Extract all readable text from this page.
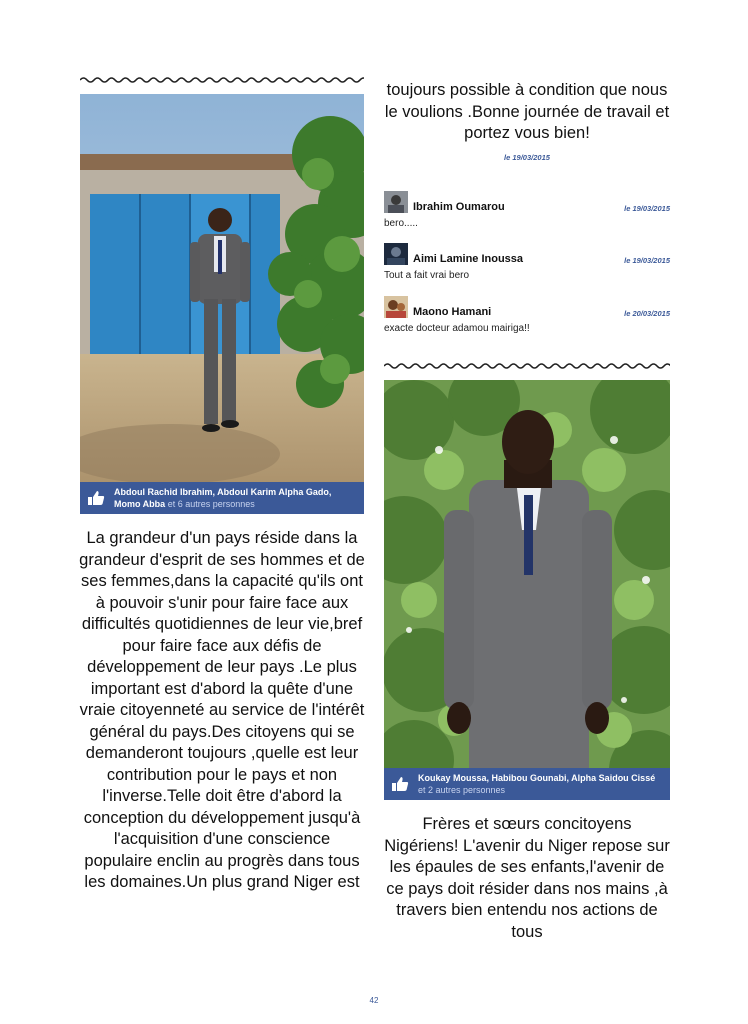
Abdoul Rachid Ibrahim, Abdoul Karim Alpha Gado, Momo Abba et 6 autres personnes

La grandeur d'un pays réside dans la grandeur d'esprit de ses hommes et de ses femmes,dans la capacité qu'ils ont à pouvoir s'unir pour faire face aux difficultés quotidiennes de leur vie,bref pour faire face aux défis de développement de leur pays .Le plus important est d'abord la quête d'une vraie citoyenneté au service de l'intérêt général du pays.Des citoyens qui se demanderont toujours ,quelle est leur contribution pour le pays et non l'inverse.Telle doit être d'abord la conception du développement jusqu'à l'acquisition d'une conscience populaire enclin au progrès dans tous les domaines.Un plus grand Niger est

toujours possible à condition que nous le voulions .Bonne journée de travail et portez vous bien!

le 19/03/2015
Ibrahim Oumarou	le 19/03/2015
bero.....
Aimi Lamine Inoussa	le 19/03/2015
Tout a fait vrai bero
Maono Hamani	le 20/03/2015
exacte docteur adamou mairiga!!
Koukay Moussa, Habibou Gounabi, Alpha Saidou Cissé et 2 autres personnes

Frères et sœurs concitoyens Nigériens! L'avenir du Niger repose sur les épaules de ses enfants,l'avenir de ce pays doit résider dans nos mains ,à travers bien entendu nos actions de tous

42
